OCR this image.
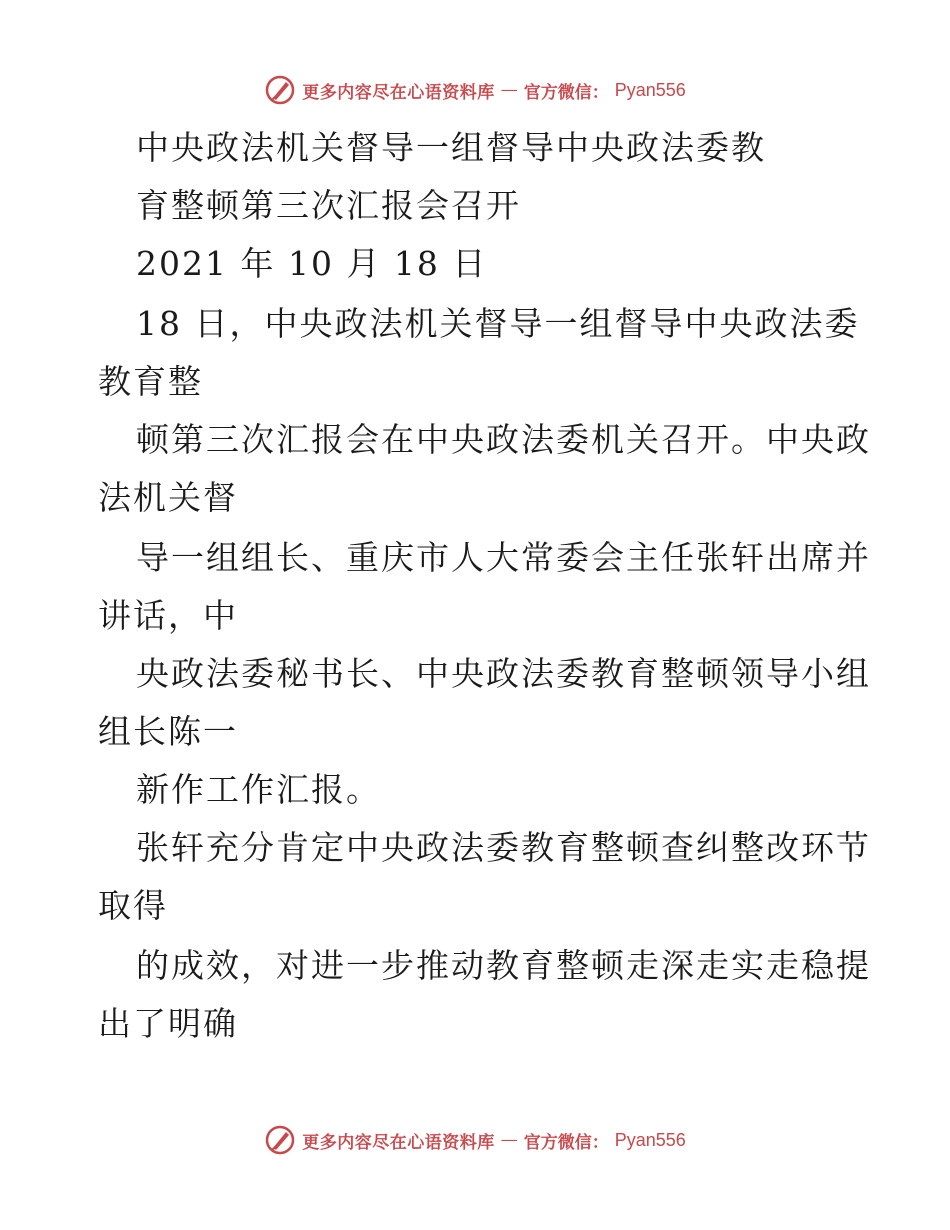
更多内容尽在心语资料库 — 官方微信： Pyan556
中央政法机关督导一组督导中央政法委教
育整顿第三次汇报会召开
2021 年 10 月 18 日
18 日，中央政法机关督导一组督导中央政法委
教育整
顿第三次汇报会在中央政法委机关召开。中央政
法机关督
导一组组长、重庆市人大常委会主任张轩出席并
讲话，中
央政法委秘书长、中央政法委教育整顿领导小组
组长陈一
新作工作汇报。
张轩充分肯定中央政法委教育整顿查纠整改环节
取得
的成效，对进一步推动教育整顿走深走实走稳提
出了明确
更多内容尽在心语资料库 — 官方微信： Pyan556
